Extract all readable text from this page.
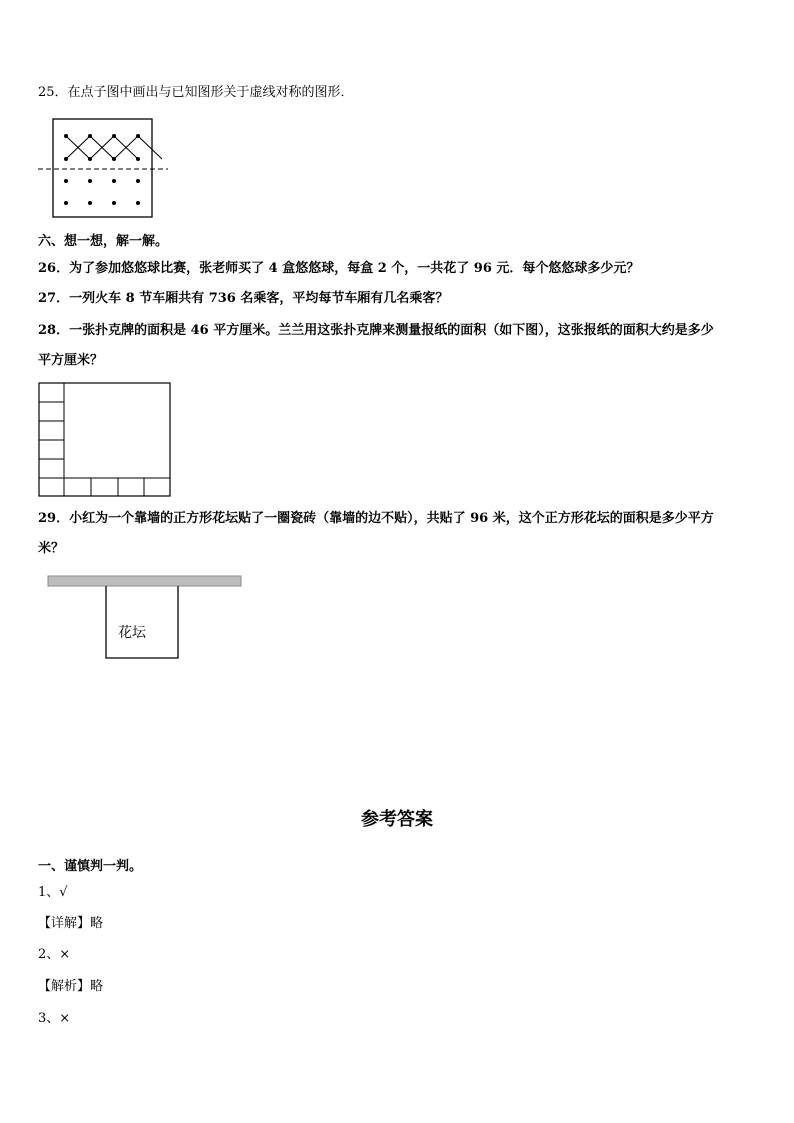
25．在点子图中画出与已知图形关于虚线对称的图形．
六、想一想，解一解。
26．为了参加悠悠球比赛，张老师买了 4 盒悠悠球，每盒 2 个，一共花了 96 元．每个悠悠球多少元？
27．一列火车 8 节车厢共有 736 名乘客，平均每节车厢有几名乘客？
28．一张扑克牌的面积是 46 平方厘米。兰兰用这张扑克牌来测量报纸的面积（如下图），这张报纸的面积大约是多少
平方厘米？
29．小红为一个靠墙的正方形花坛贴了一圈瓷砖（靠墙的边不贴），共贴了 96 米，这个正方形花坛的面积是多少平方
米？
花坛
参考答案
一、谨慎判一判。
1、√
【详解】略
2、×
【解析】略
3、×
